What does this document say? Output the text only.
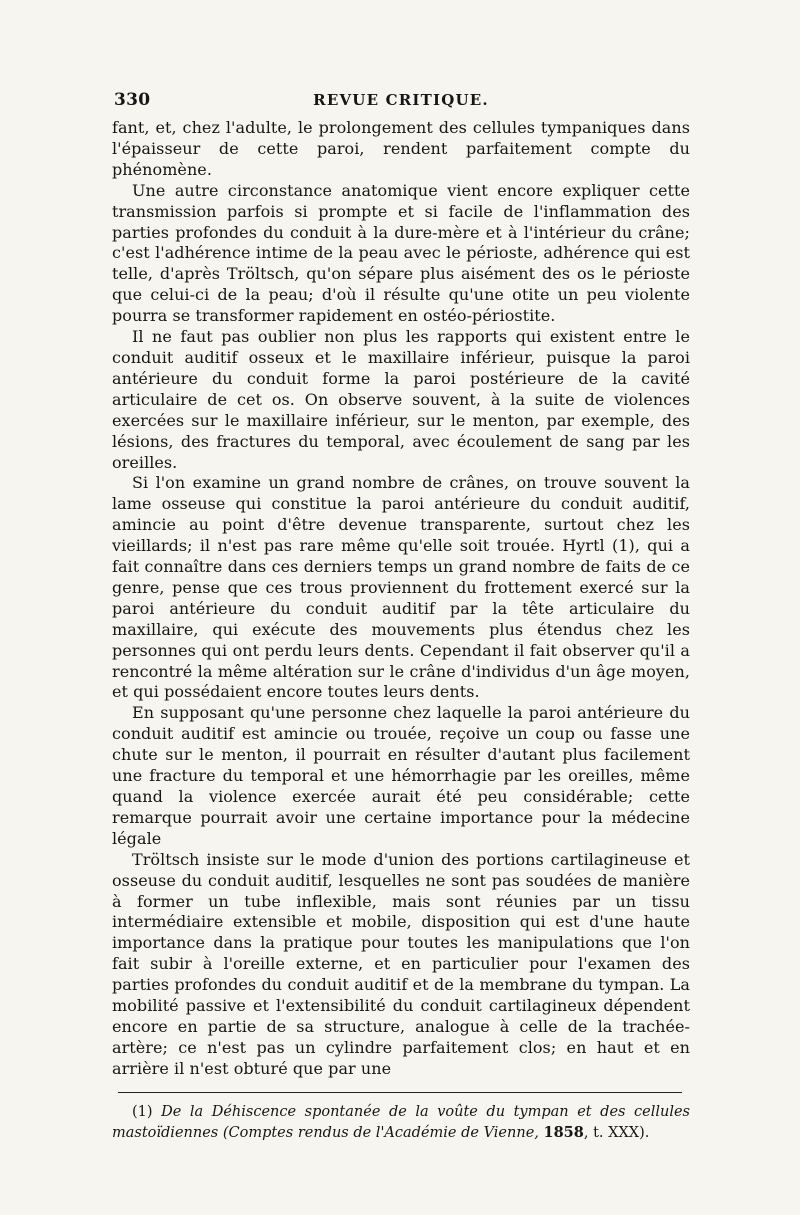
330	REVUE CRITIQUE.

fant, et, chez l'adulte, le prolongement des cellules tympaniques dans l'épaisseur de cette paroi, rendent parfaitement compte du phénomène.

Une autre circonstance anatomique vient encore expliquer cette transmission parfois si prompte et si facile de l'inflammation des parties profondes du conduit à la dure-mère et à l'intérieur du crâne; c'est l'adhérence intime de la peau avec le périoste, adhérence qui est telle, d'après Tröltsch, qu'on sépare plus aisément des os le périoste que celui-ci de la peau; d'où il résulte qu'une otite un peu violente pourra se transformer rapidement en ostéo-périostite.

Il ne faut pas oublier non plus les rapports qui existent entre le conduit auditif osseux et le maxillaire inférieur, puisque la paroi antérieure du conduit forme la paroi postérieure de la cavité articulaire de cet os. On observe souvent, à la suite de violences exercées sur le maxillaire inférieur, sur le menton, par exemple, des lésions, des fractures du temporal, avec écoulement de sang par les oreilles.

Si l'on examine un grand nombre de crânes, on trouve souvent la lame osseuse qui constitue la paroi antérieure du conduit auditif, amincie au point d'être devenue transparente, surtout chez les vieillards; il n'est pas rare même qu'elle soit trouée. Hyrtl (1), qui a fait connaître dans ces derniers temps un grand nombre de faits de ce genre, pense que ces trous proviennent du frottement exercé sur la paroi antérieure du conduit auditif par la tête articulaire du maxillaire, qui exécute des mouvements plus étendus chez les personnes qui ont perdu leurs dents. Cependant il fait observer qu'il a rencontré la même altération sur le crâne d'individus d'un âge moyen, et qui possédaient encore toutes leurs dents.

En supposant qu'une personne chez laquelle la paroi antérieure du conduit auditif est amincie ou trouée, reçoive un coup ou fasse une chute sur le menton, il pourrait en résulter d'autant plus facilement une fracture du temporal et une hémorrhagie par les oreilles, même quand la violence exercée aurait été peu considérable; cette remarque pourrait avoir une certaine importance pour la médecine légale

Tröltsch insiste sur le mode d'union des portions cartilagineuse et osseuse du conduit auditif, lesquelles ne sont pas soudées de manière à former un tube inflexible, mais sont réunies par un tissu intermédiaire extensible et mobile, disposition qui est d'une haute importance dans la pratique pour toutes les manipulations que l'on fait subir à l'oreille externe, et en particulier pour l'examen des parties profondes du conduit auditif et de la membrane du tympan. La mobilité passive et l'extensibilité du conduit cartilagineux dépendent encore en partie de sa structure, analogue à celle de la trachée-artère; ce n'est pas un cylindre parfaitement clos; en haut et en arrière il n'est obturé que par une

(1) De la Déhiscence spontanée de la voûte du tympan et des cellules mastoïdiennes (Comptes rendus de l'Académie de Vienne, 1858, t. XXX).
